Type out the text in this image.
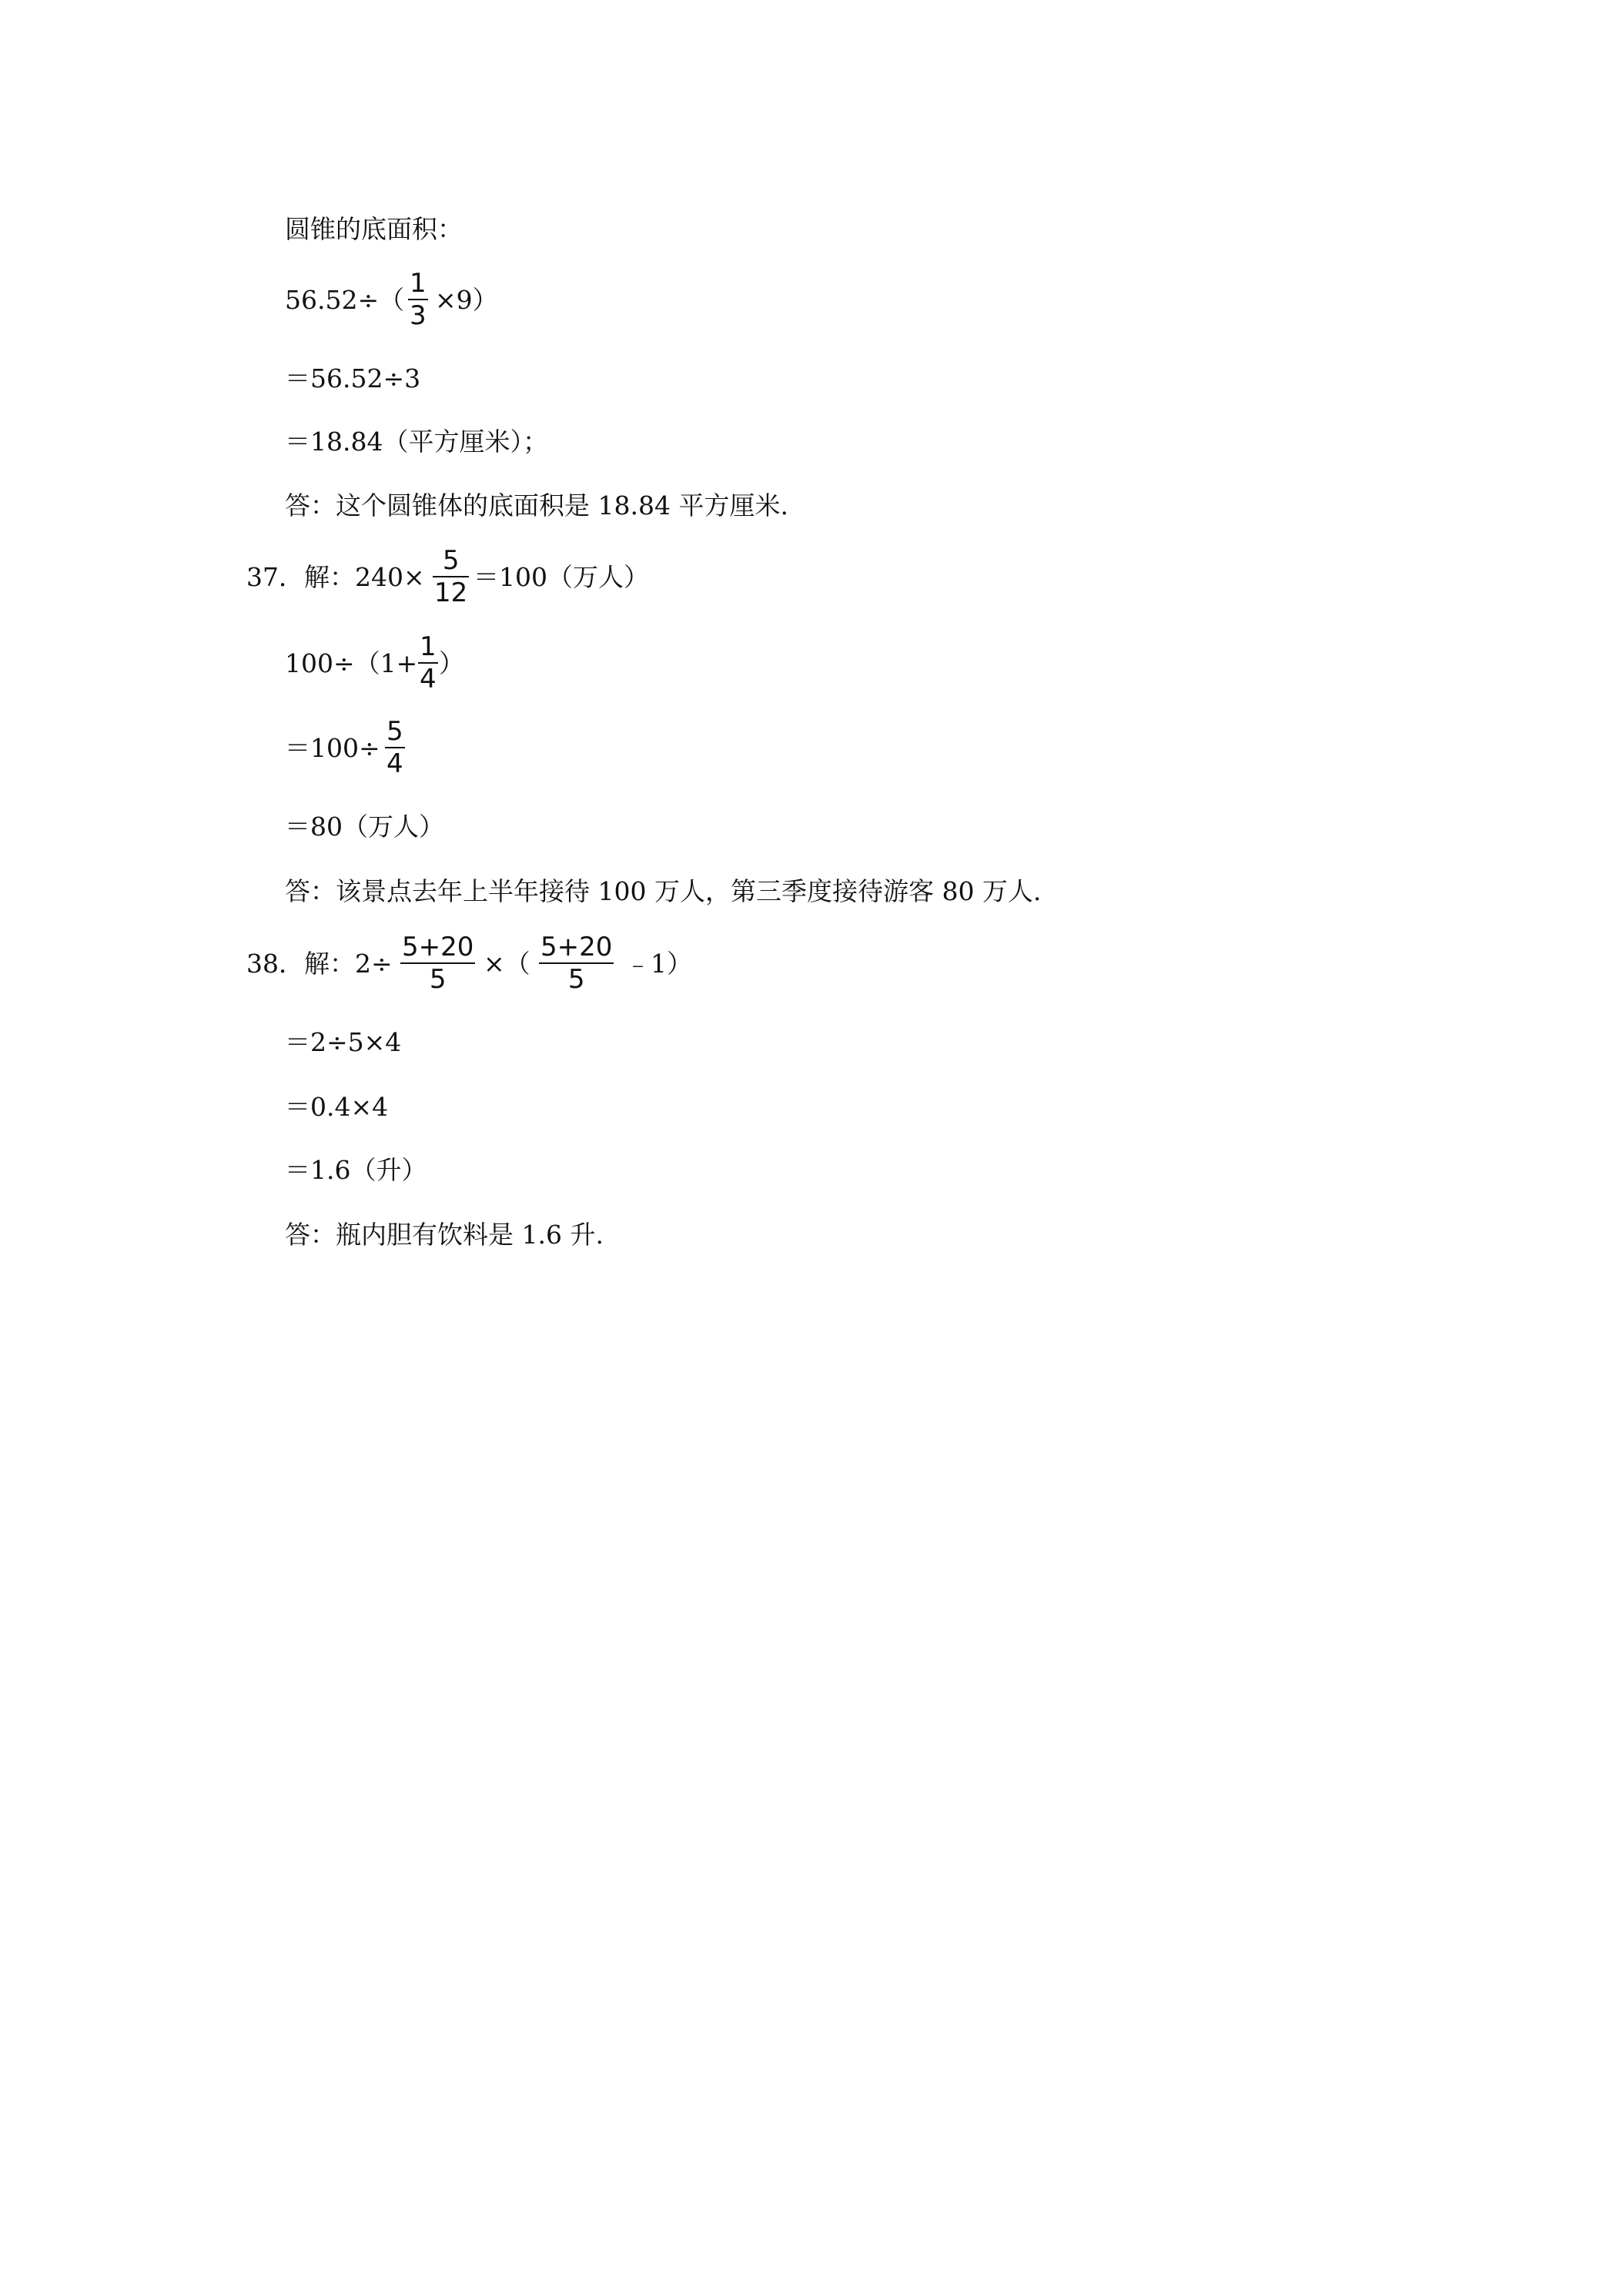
圆锥的底面积：
56.52÷（
1
3
×9）
＝56.52÷3
＝18.84（平方厘米）；
答：这个圆锥体的底面积是 18.84 平方厘米.
37．解：240×
5
12
＝100（万人）
100÷（1+
1
4
）
＝100÷
5
4
＝80（万人）
答：该景点去年上半年接待 100 万人，第三季度接待游客 80 万人.
38．解：2÷
5+20
5
×（
5+20
5
﹣1）
＝2÷5×4
＝0.4×4
＝1.6（升）
答：瓶内胆有饮料是 1.6 升.
